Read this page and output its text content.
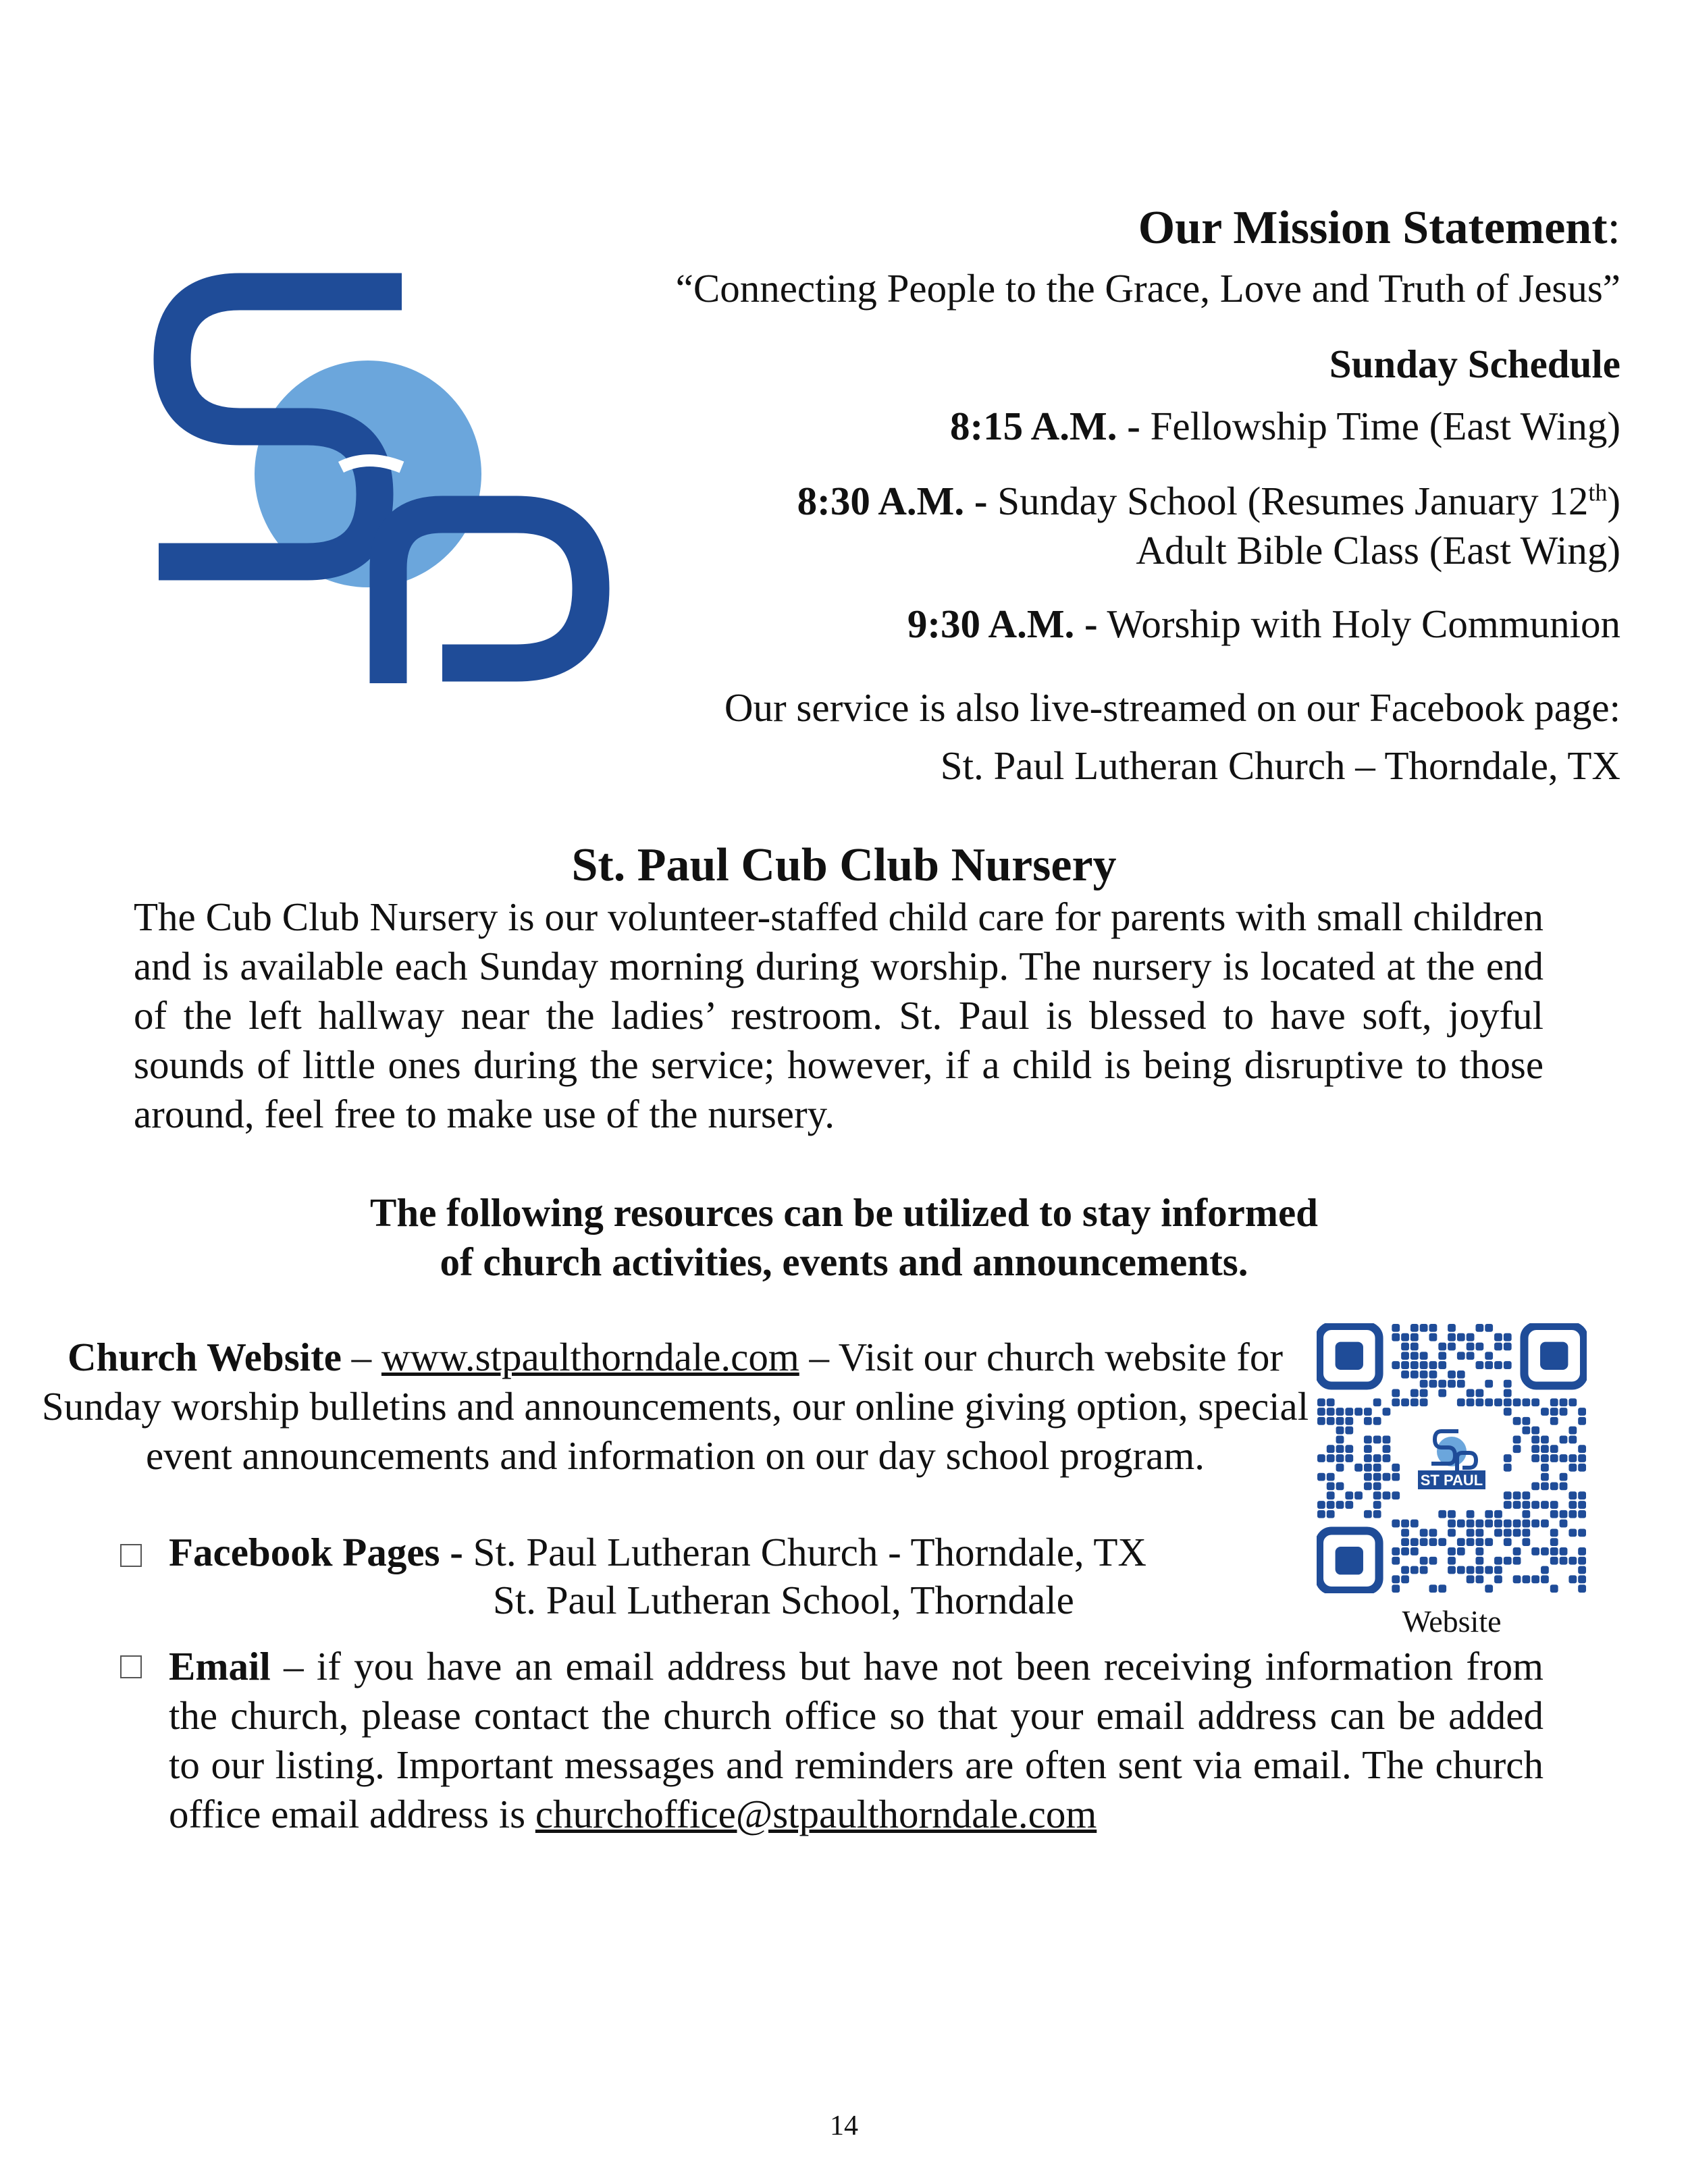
Our Mission Statement:
“Connecting People to the Grace, Love and Truth of Jesus”
Sunday Schedule
8:15 A.M. - Fellowship Time (East Wing)
8:30 A.M. - Sunday School (Resumes January 12th)
Adult Bible Class (East Wing)
9:30 A.M. - Worship with Holy Communion
Our service is also live-streamed on our Facebook page:
St. Paul Lutheran Church – Thorndale, TX
St. Paul Cub Club Nursery
The Cub Club Nursery is our volunteer-staffed child care for parents with small children and is available each Sunday morning during worship. The nursery is located at the end of the left hallway near the ladies’ restroom. St. Paul is blessed to have soft, joyful sounds of little ones during the service; however, if a child is being disruptive to those around, feel free to make use of the nursery.
The following resources can be utilized to stay informed
of church activities, events and announcements.
Church Website – www.stpaulthorndale.com – Visit our church website for Sunday worship bulletins and announcements, our online giving option, special event announcements and information on our day school program.
Facebook Pages - St. Paul Lutheran Church - Thorndale, TX
St. Paul Lutheran School, Thorndale
Email – if you have an email address but have not been receiving information from the church, please contact the church office so that your email address can be added to our listing. Important messages and reminders are often sent via email. The church office email address is churchoffice@stpaulthorndale.com
ST PAUL
Website
14
